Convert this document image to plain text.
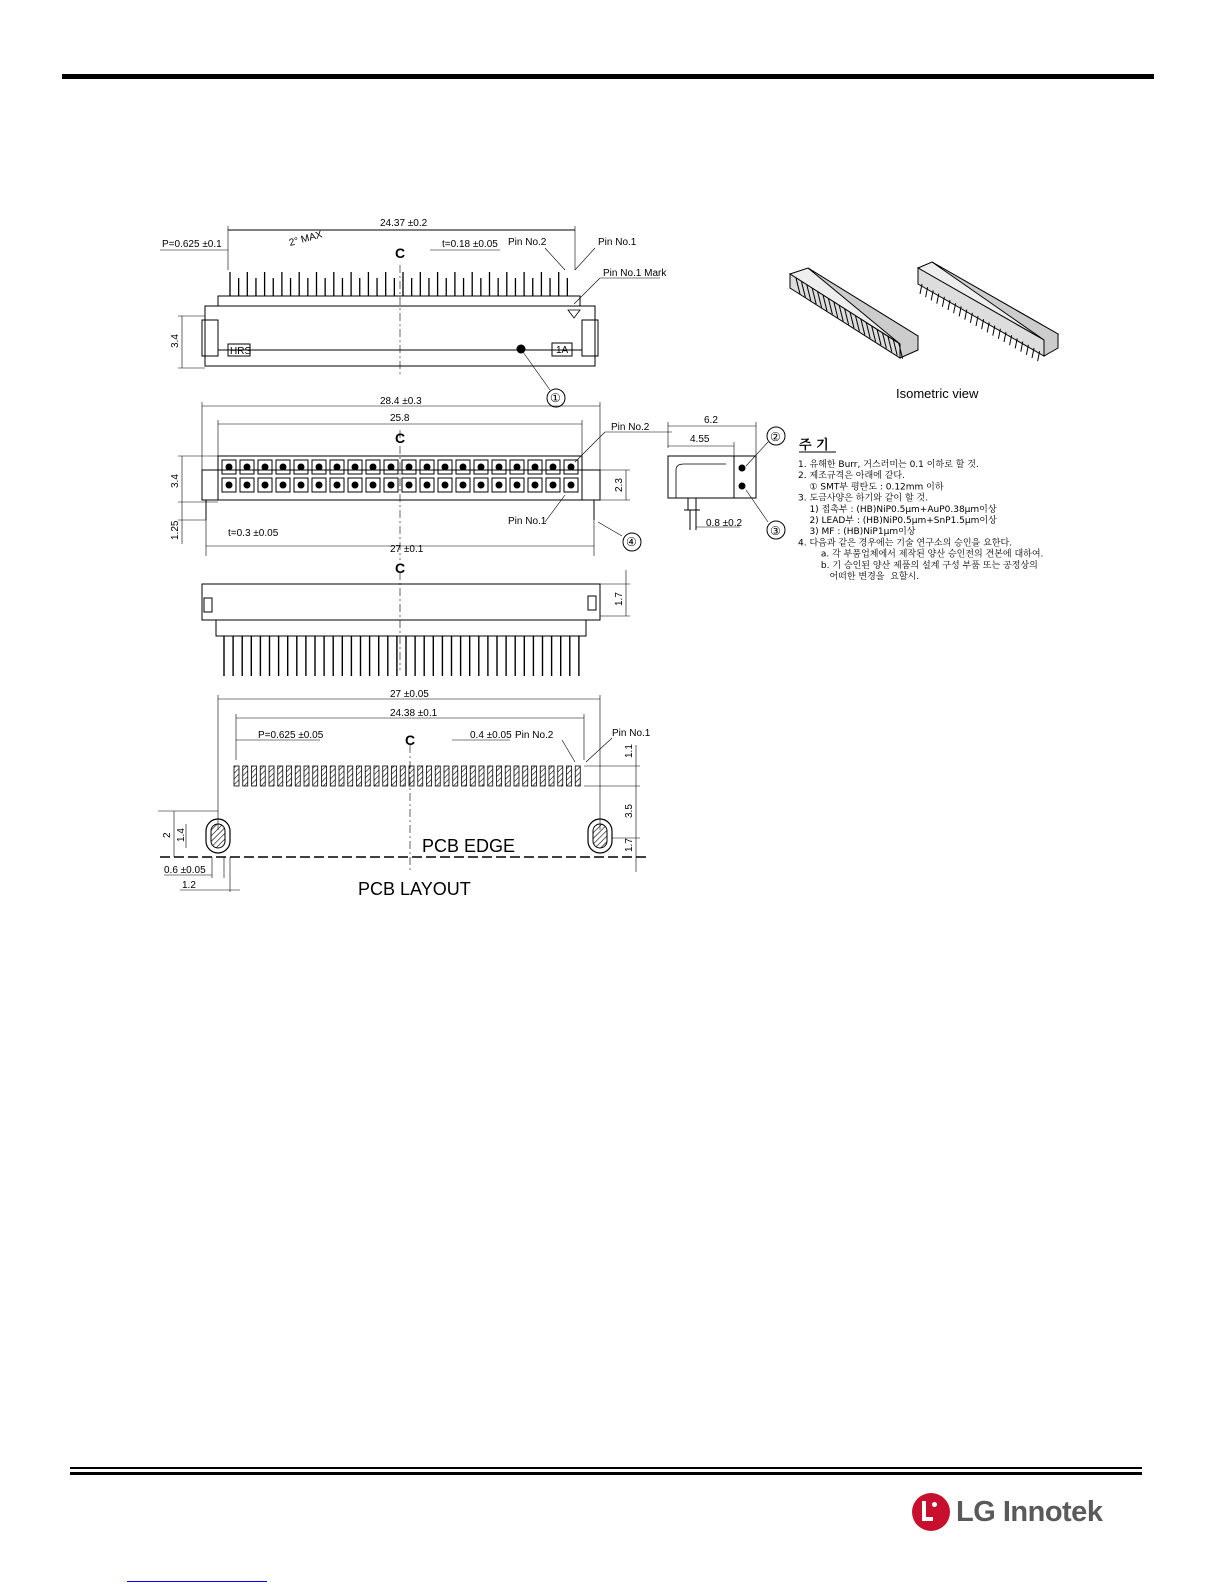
24.37 ±0.2
P=0.625 ±0.1	2° MAX	t=0.18 ±0.05 Pin No.2	Pin No.1
Pin No.1 Mark
3.4
HRS	1A
①
C
28.4 ±0.3
25.8
3.4	2.3
1.25	t=0.3 ±0.05
27 ±0.1
Pin No.2
Pin No.1
④
C
1.7
C
27 ±0.05
24.38 ±0.1
P=0.625 ±0.05	0.4 ±0.05 Pin No.2	Pin No.1
1.1
3.5
1.7
2 1.4
0.6 ±0.05
1.2
PCB EDGE
PCB LAYOUT
C
Isometric view
6.2
4.55
0.8 ±0.2
②
③
주 기
1. 유해한 Burr, 거스러미는 0.1 이하로 할 것.
2. 제조규격은 아래에 같다.
① SMT부 평탄도 : 0.12mm 이하
3. 도금사양은 하기와 같이 할 것.
1) 접촉부 : (HB)NiP0.5μm+AuP0.38μm이상
2) LEAD부 : (HB)NiP0.5μm+SnP1.5μm이상
3) MF : (HB)NiP1μm이상
4. 다음과 같은 경우에는 기술 연구소의 승인을 요한다.
a. 각 부품업체에서 제작된 양산 승인전의 견본에 대하여.
b. 기 승인된 양산 제품의 설계 구성 부품 또는 공정상의
어떠한 변경을  요할시.
LG Innotek
